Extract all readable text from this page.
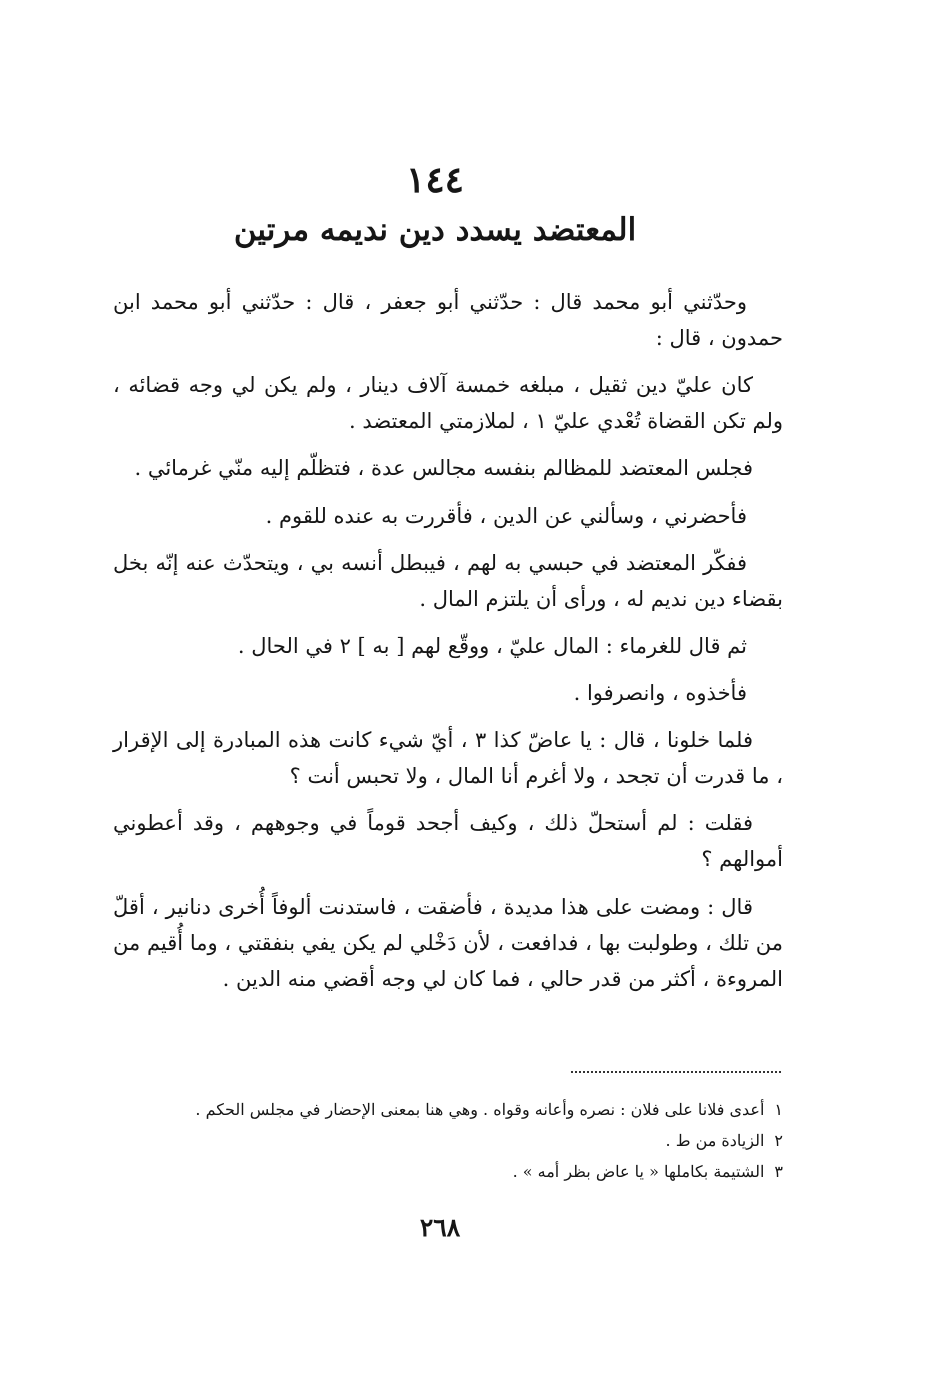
١٤٤
المعتضد يسدد دين نديمه مرتين

وحدّثني أبو محمد قال : حدّثني أبو جعفر ، قال : حدّثني أبو محمد ابن حمدون ، قال :

كان عليّ دين ثقيل ، مبلغه خمسة آلاف دينار ، ولم يكن لي وجه قضائه ، ولم تكن القضاة تُعْدي عليّ ١ ، لملازمتي المعتضد .

فجلس المعتضد للمظالم بنفسه مجالس عدة ، فتظلّم إليه منّي غرمائي .

فأحضرني ، وسألني عن الدين ، فأقررت به عنده للقوم .

ففكّر المعتضد في حبسي به لهم ، فيبطل أنسه بي ، ويتحدّث عنه إنّه بخل بقضاء دين نديم له ، ورأى أن يلتزم المال .

ثم قال للغرماء : المال عليّ ، ووقّع لهم [ به ] ٢ في الحال .

فأخذوه ، وانصرفوا .

فلما خلونا ، قال : يا عاضّ كذا ٣ ، أيّ شيء كانت هذه المبادرة إلى الإقرار ، ما قدرت أن تجحد ، ولا أغرم أنا المال ، ولا تحبس أنت ؟

فقلت : لم أستحلّ ذلك ، وكيف أجحد قوماً في وجوههم ، وقد أعطوني أموالهم ؟

قال : ومضت على هذا مديدة ، فأضقت ، فاستدنت ألوفاً أُخرى دنانير ، أقلّ من تلك ، وطولبت بها ، فدافعت ، لأن دَخْلي لم يكن يفي بنفقتي ، وما أُقيم من المروءة ، أكثر من قدر حالي ، فما كان لي وجه أقضي منه الدين .

١أعدى فلانا على فلان : نصره وأعانه وقواه . وهي هنا بمعنى الإحضار في مجلس الحكم .

٢الزيادة من ط .

٣الشتيمة بكاملها « يا عاض بظر أمه » .

٢٦٨
